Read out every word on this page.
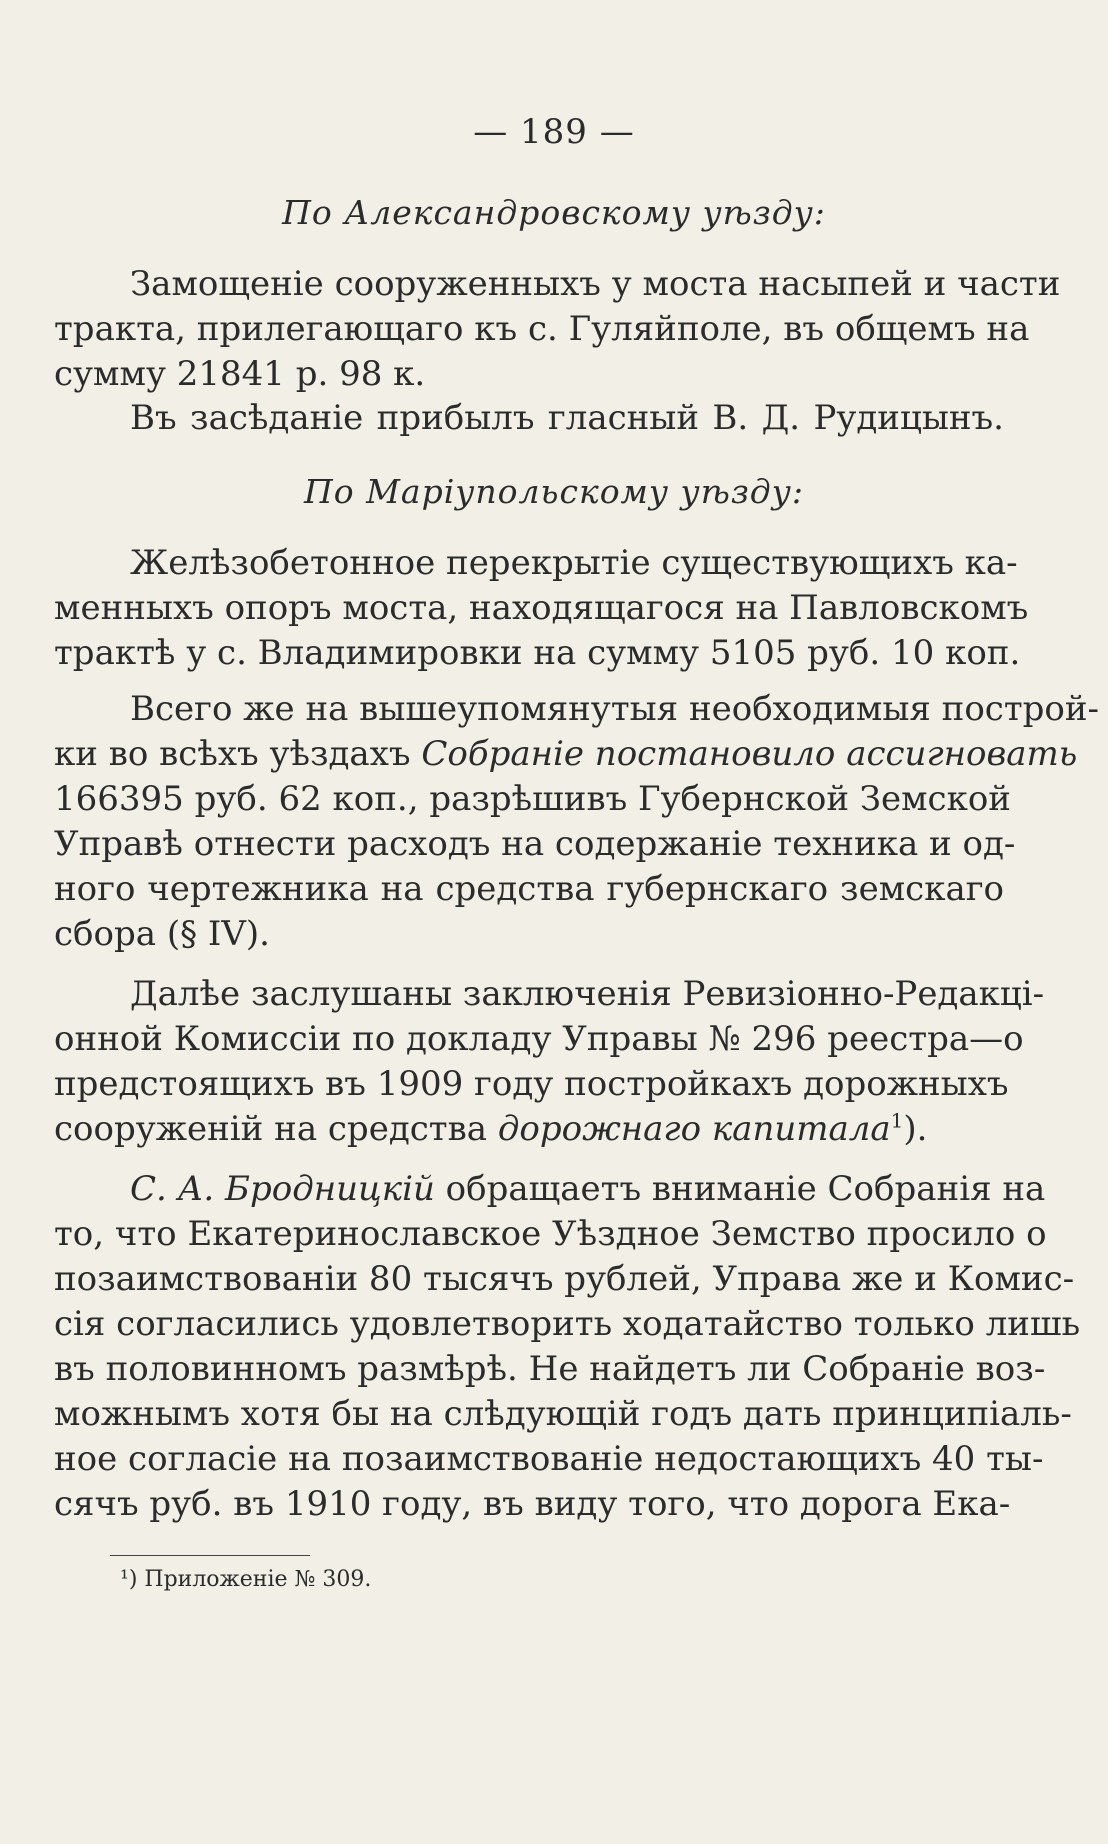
— 189 —
По Александровскому уѣзду:
Замощеніе сооруженныхъ у моста насыпей и части
тракта, прилегающаго къ с. Гуляйполе, въ общемъ на
сумму 21841 р. 98 к.
Въ засѣданіе прибылъ гласный В. Д. Рудицынъ.
По Маріупольскому уѣзду:
Желѣзобетонное перекрытіе существующихъ ка-
менныхъ опоръ моста, находящагося на Павловскомъ
трактѣ у с. Владимировки на сумму 5105 руб. 10 коп.
Всего же на вышеупомянутыя необходимыя построй-
ки во всѣхъ уѣздахъ Собраніе постановило ассигновать
166395 руб. 62 коп., разрѣшивъ Губернской Земской
Управѣ отнести расходъ на содержаніе техника и од-
ного чертежника на средства губернскаго земскаго
сбора (§ IV).
Далѣе заслушаны заключенія Ревизіонно-Редакці-
онной Комиссіи по докладу Управы № 296 реестра—о
предстоящихъ въ 1909 году постройкахъ дорожныхъ
сооруженій на средства дорожнаго капитала$^1$).
С. А. Бродницкій обращаетъ вниманіе Собранія на
то, что Екатеринославское Уѣздное Земство просило о
позаимствованіи 80 тысячъ рублей, Управа же и Комис-
сія согласились удовлетворить ходатайство только лишь
въ половинномъ размѣрѣ. Не найдетъ ли Собраніе воз-
можнымъ хотя бы на слѣдующій годъ дать принципіаль-
ное согласіе на позаимствованіе недостающихъ 40 ты-
сячъ руб. въ 1910 году, въ виду того, что дорога Ека-
¹) Приложеніе № 309.
